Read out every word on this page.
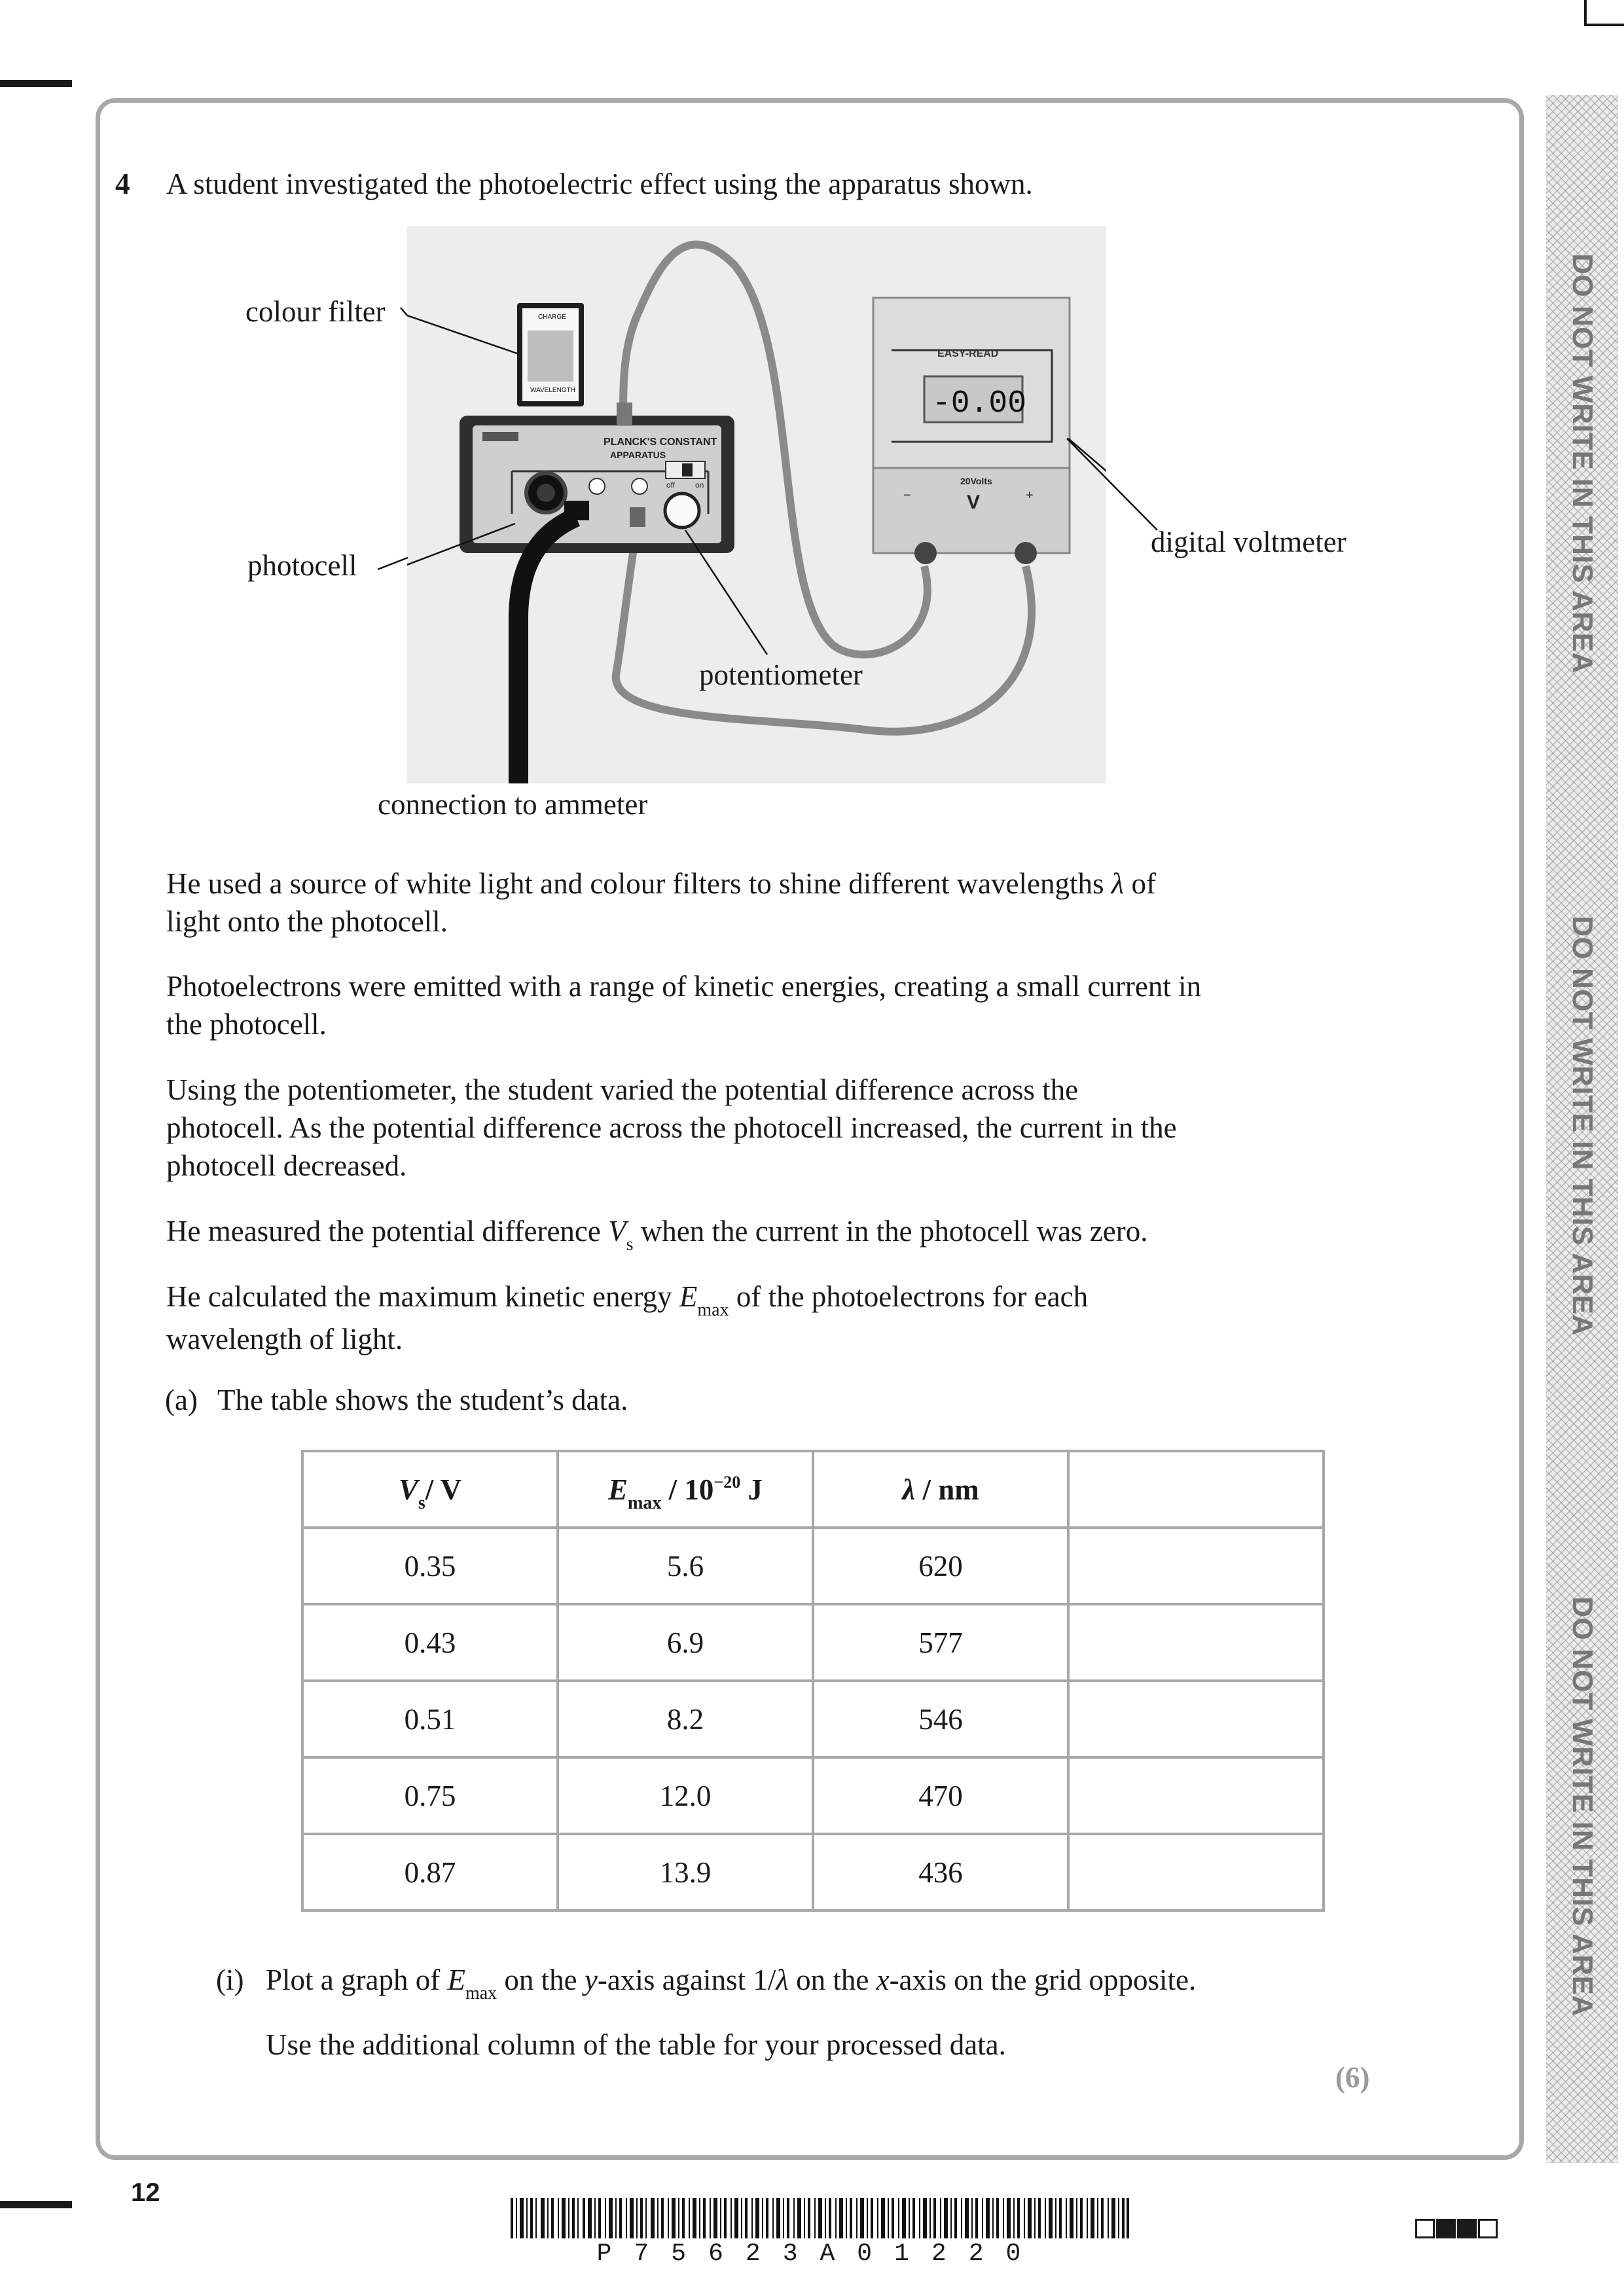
DO NOT WRITE IN THIS AREA
DO NOT WRITE IN THIS AREA
DO NOT WRITE IN THIS AREA
4 A student investigated the photoelectric effect using the apparatus shown.
PLANCK'S CONSTANT
APPARATUS
off	on
CHARGE
WAVELENGTH
EASY-READ
-0.00
20Volts
V	+
−
colour filter
photocell
digital voltmeter
potentiometer
connection to ammeter
He used a source of white light and colour filters to shine different wavelengths λ of
light onto the photocell.
Photoelectrons were emitted with a range of kinetic energies, creating a small current in
the photocell.
Using the potentiometer, the student varied the potential difference across the
photocell. As the potential difference across the photocell increased, the current in the
photocell decreased.
He measured the potential difference $V_s$ when the current in the photocell was zero.
He calculated the maximum kinetic energy $E_{max}$ of the photoelectrons for each
wavelength of light.
(a) The table shows the student’s data.
$V_s/$ V	$E_{max} / 10^{-20}$ J	λ / nm	
0.35	5.6	620	
0.43	6.9	577	
0.51	8.2	546	
0.75	12.0	470	
0.87	13.9	436	
(i) Plot a graph of $E_{max}$ on the y-axis against 1/λ on the x-axis on the grid opposite.
Use the additional column of the table for your processed data.
(6)
12
P75623A01220
